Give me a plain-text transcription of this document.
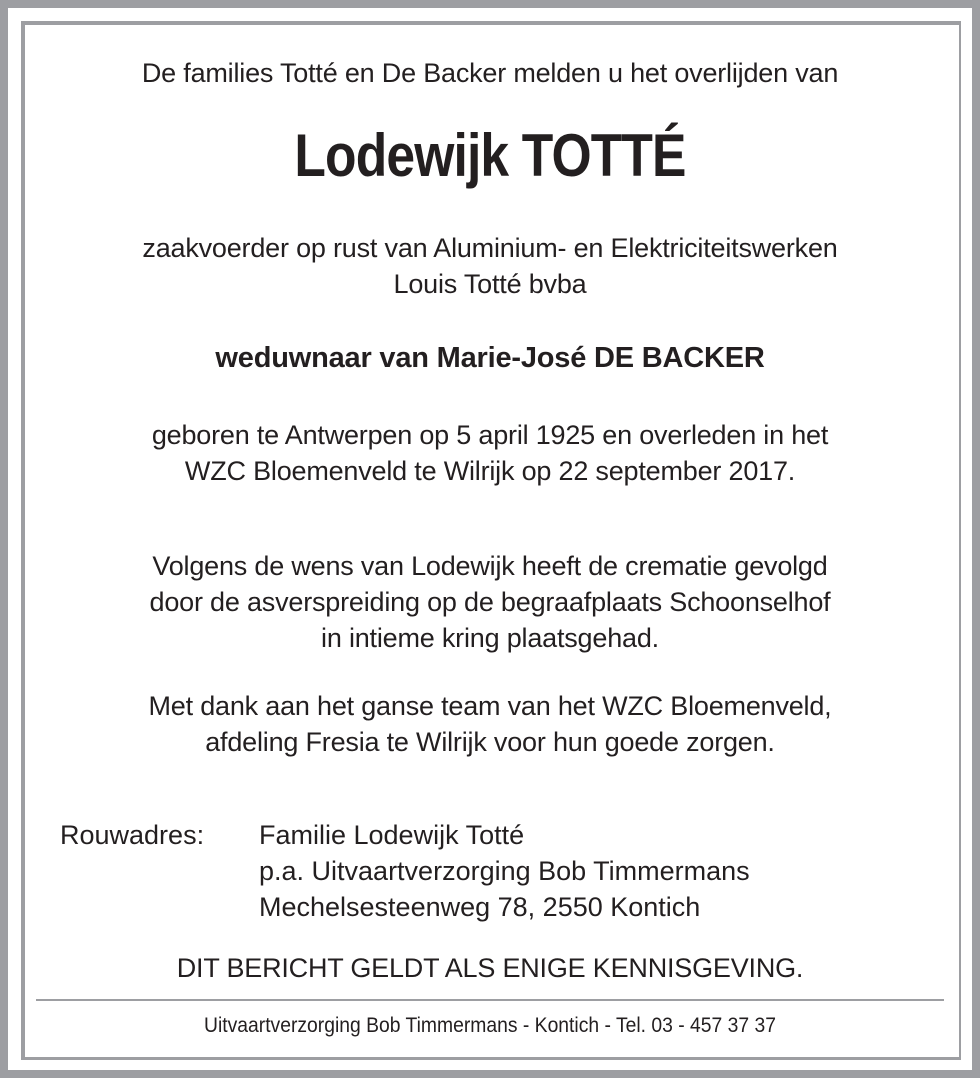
De families Totté en De Backer melden u het overlijden van
Lodewijk TOTTÉ
zaakvoerder op rust van Aluminium- en Elektriciteitswerken
Louis Totté bvba
weduwnaar van Marie-José DE BACKER
geboren te Antwerpen op 5 april 1925 en overleden in het
WZC Bloemenveld te Wilrijk op 22 september 2017.
Volgens de wens van Lodewijk heeft de crematie gevolgd
door de asverspreiding op de begraafplaats Schoonselhof
in intieme kring plaatsgehad.
Met dank aan het ganse team van het WZC Bloemenveld,
afdeling Fresia te Wilrijk voor hun goede zorgen.
Rouwadres: Familie Lodewijk Totté
p.a. Uitvaartverzorging Bob Timmermans
Mechelsesteenweg 78, 2550 Kontich
DIT BERICHT GELDT ALS ENIGE KENNISGEVING.
Uitvaartverzorging Bob Timmermans - Kontich - Tel. 03 - 457 37 37
